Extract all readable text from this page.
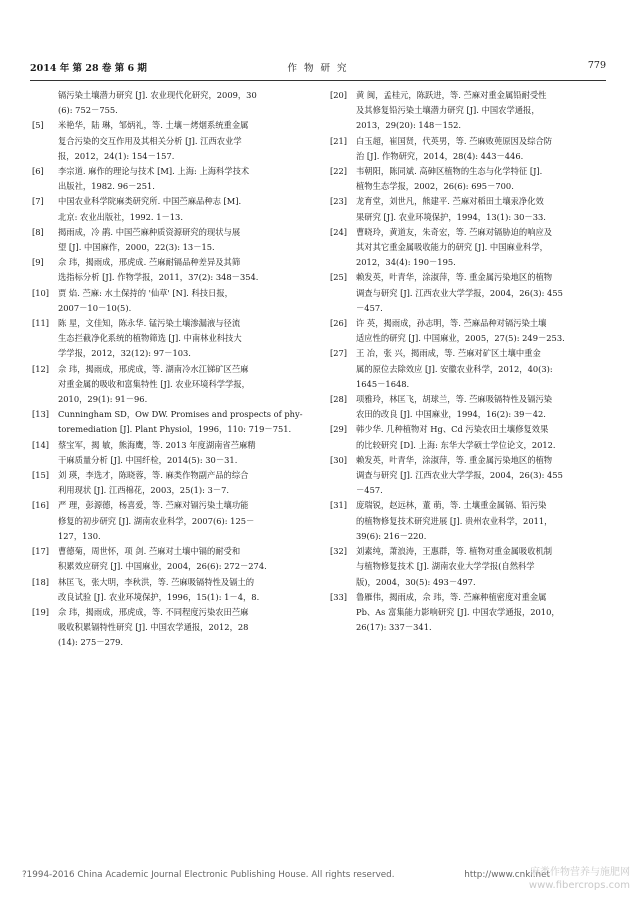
2014 年 第 28 卷 第 6 期	作 物 研 究	779
镉污染土壤潜力研究 [J]. 农业现代化研究，2009，30
(6): 752－755.
[5] 米艳华，陆 琳，邹炳礼，等. 土壤－烤烟系统重金属
复合污染的交互作用及其相关分析 [J]. 江西农业学
报，2012，24(1): 154－157.
[6] 李宗道. 麻作的理论与技术 [M]. 上海: 上海科学技术
出版社，1982. 96－251.
[7] 中国农业科学院麻类研究所. 中国苎麻品种志 [M].
北京: 农业出版社，1992. 1－13.
[8] 揭雨成，冷 鹃. 中国苎麻种质资源研究的现状与展
望 [J]. 中国麻作，2000，22(3): 13－15.
[9] 佘 玮，揭雨成，邢虎成. 苎麻耐镉品种差异及其筛
选指标分析 [J]. 作物学报，2011，37(2): 348－354.
[10] 贾 焰. 苎麻: 水土保持的 '仙草' [N]. 科技日报，
2007－10－10(5).
[11] 陈 星，文佳知，陈永华. 锰污染土壤渗漏液与径流
生态拦截净化系统的植物筛选 [J]. 中南林业科技大
学学报，2012，32(12): 97－103.
[12] 佘 玮，揭雨成，邢虎成，等. 湖南冷水江锑矿区苎麻
对重金属的吸收和富集特性 [J]. 农业环境科学学报，
2010，29(1): 91－96.
[13] Cunningham SD，Ow DW. Promises and prospects of phy-
toremediation [J]. Plant Physiol，1996，110: 719－751.
[14] 蔡宝军，揭 敏，熊海鹰，等. 2013 年度湖南省苎麻精
干麻质量分析 [J]. 中国纤检，2014(5): 30－31.
[15] 刘 瑛，李选才，陈晓蓉，等. 麻类作物副产品的综合
利用现状 [J]. 江西棉花，2003，25(1): 3－7.
[16] 严 理，彭源德，杨喜爱，等. 苎麻对镉污染土壤功能
修复的初步研究 [J]. 湖南农业科学，2007(6): 125－
127，130.
[17] 曹德菊，周世怀，项 剑. 苎麻对土壤中镉的耐受和
积累效应研究 [J]. 中国麻业，2004，26(6): 272－274.
[18] 林匡飞，张大明，李秋洪，等. 苎麻吸镉特性及镉土的
改良试验 [J]. 农业环境保护，1996，15(1): 1－4，8.
[19] 佘 玮，揭雨成，邢虎成，等. 不同程度污染农田苎麻
吸收积累镉特性研究 [J]. 中国农学通报，2012，28
(14): 275－279.
[20] 黄 闽，孟桂元，陈跃进，等. 苎麻对重金属铅耐受性
及其修复铅污染土壤潜力研究 [J]. 中国农学通报，
2013，29(20): 148－152.
[21] 白玉超，崔国贤，代英男，等. 苎麻败蔸原因及综合防
治 [J]. 作物研究，2014，28(4): 443－446.
[22] 韦朝阳，陈同斌. 高砷区植物的生态与化学特征 [J].
植物生态学报，2002，26(6): 695－700.
[23] 龙育堂，刘世凡，熊建平. 苎麻对稻田土壤汞净化效
果研究 [J]. 农业环境保护，1994，13(1): 30－33.
[24] 曹晓玲，黄道友，朱奇宏，等. 苎麻对镉胁迫的响应及
其对其它重金属吸收能力的研究 [J]. 中国麻业科学，
2012，34(4): 190－195.
[25] 赖发英，叶青华，涂淑萍，等. 重金属污染地区的植物
调查与研究 [J]. 江西农业大学学报，2004，26(3): 455
－457.
[26] 许 英，揭雨成，孙志明，等. 苎麻品种对镉污染土壤
适应性的研究 [J]. 中国麻业，2005，27(5): 249－253.
[27] 王 冶，张 兴，揭雨成，等. 苎麻对矿区土壤中重金
属的原位去除效应 [J]. 安徽农业科学，2012，40(3):
1645－1648.
[28] 项雅玲，林匡飞，胡球兰，等. 苎麻吸镉特性及镉污染
农田的改良 [J]. 中国麻业，1994，16(2): 39－42.
[29] 韩少华. 几种植物对 Hg、Cd 污染农田土壤修复效果
的比较研究 [D]. 上海: 东华大学硕士学位论文，2012.
[30] 赖发英，叶青华，涂淑萍，等. 重金属污染地区的植物
调查与研究 [J]. 江西农业大学学报，2004，26(3): 455
－457.
[31] 庞瑞锐，赵远林，董 萌，等. 土壤重金属镉、铅污染
的植物修复技术研究进展 [J]. 贵州农业科学，2011，
39(6): 216－220.
[32] 刘素纯，萧浪涛，王惠群，等. 植物对重金属吸收机制
与植物修复技术 [J]. 湖南农业大学学报(自然科学
版)，2004，30(5): 493－497.
[33] 鲁雁伟，揭雨成，佘 玮，等. 苎麻种植密度对重金属
Pb、As 富集能力影响研究 [J]. 中国农学通报，2010，
26(17): 337－341.
?1994-2016 China Academic Journal Electronic Publishing House. All rights reserved.	http://www.cnki.net
麻类作物营养与施肥网
www.fibercrops.com
